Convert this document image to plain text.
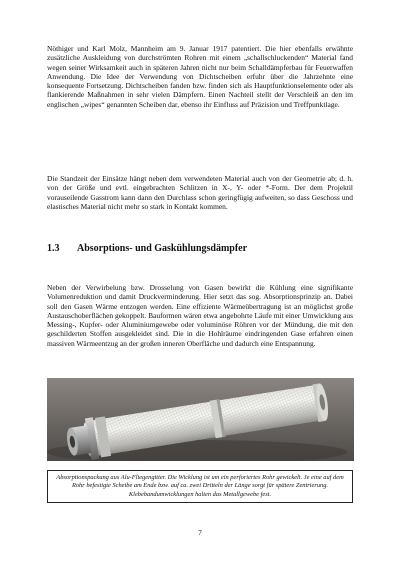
Nöthiger und Karl Molz, Mannheim am 9. Januar 1917 patentiert. Die hier ebenfalls erwähnte zusätzliche Auskleidung von durchströmten Rohren mit einem „schallschluckenden“ Material fand wegen seiner Wirksamkeit auch in späteren Jahren nicht nur beim Schalldämpferbau für Feuerwaffen Anwendung. Die Idee der Verwendung von Dichtscheiben erfuhr über die Jahrzehnte eine konsequente Fortsetzung. Dichtscheiben fanden bzw. finden sich als Hauptfunktionselemente oder als flankierende Maßnahmen in sehr vielen Dämpfern. Einen Nachteil stellt der Verschleiß an den im englischen „wipes“ genannten Scheiben dar, ebenso ihr Einfluss auf Präzision und Treffpunktlage.

Die Standzeit der Einsätze hängt neben dem verwendeten Material auch von der Geometrie ab; d. h. von der Größe und evtl. eingebrachten Schlitzen in X-, Y- oder *-Form. Der dem Projektil vorauseilende Gasstrom kann dann den Durchlass schon geringfügig aufweiten, so dass Geschoss und elastisches Material nicht mehr so stark in Kontakt kommen.

1.3 Absorptions- und Gaskühlungsdämpfer

Neben der Verwirbelung bzw. Drosselung von Gasen bewirkt die Kühlung eine signifikante Volumenreduktion und damit Druckverminderung. Hier setzt das sog. Absorptionsprinzip an. Dabei soll den Gasen Wärme entzogen werden. Eine effiziente Wärmeübertragung ist an möglichst große Austauschoberflächen gekoppelt. Bauformen wären etwa angebohrte Läufe mit einer Umwicklung aus Messing-, Kupfer- oder Aluminiumgewebe oder voluminöse Röhren vor der Mündung, die mit den geschilderten Stoffen ausgekleidet sind. Die in die Hohlräume eindringenden Gase erfahren einen massiven Wärmeentzug an der großen inneren Oberfläche und dadurch eine Entspannung.

Absorptionspackung aus Alu-Fliegengitter. Die Wicklung ist um ein perforiertes Rohr gewickelt. Je eine auf dem Rohr befestigte Scheibe am Ende bzw. auf ca. zwei Dritteln der Länge sorgt für spätere Zentrierung. Klebebandumwicklungen halten das Metallgewebe fest.
7
